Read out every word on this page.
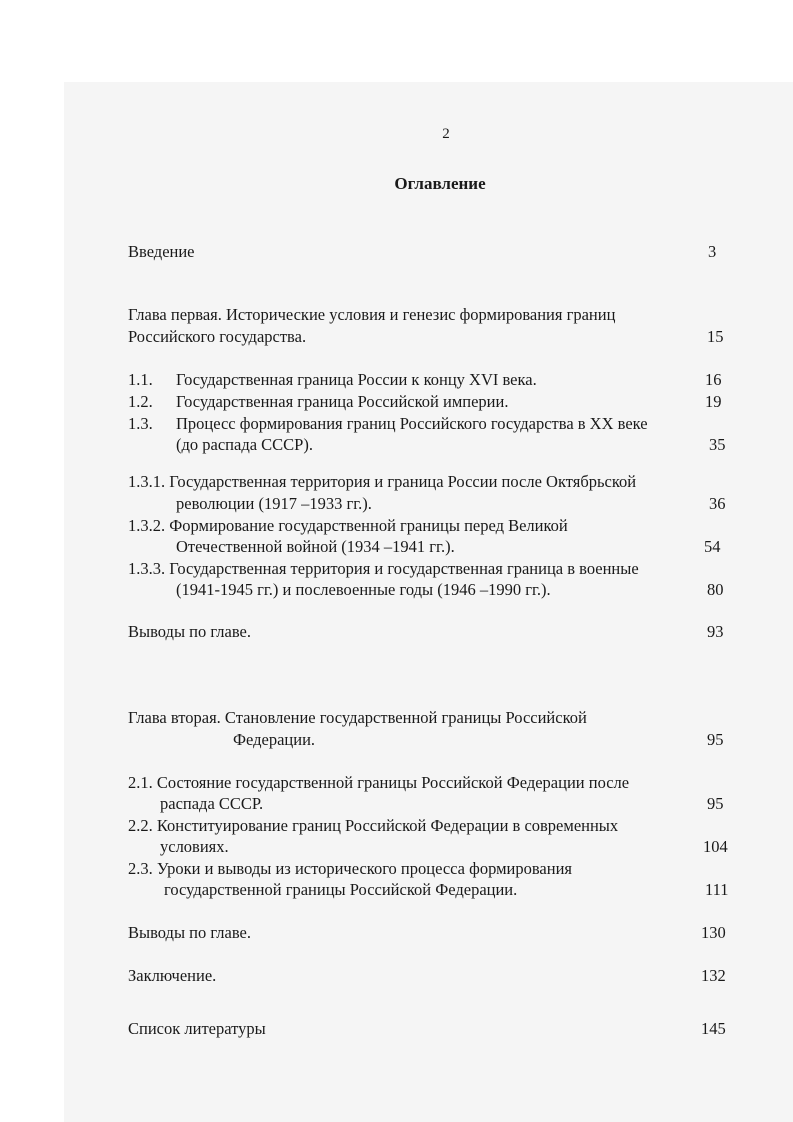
2
Оглавление
Введение	3
Глава первая. Исторические условия и генезис формирования границ
Российского государства.	15
1.1. Государственная граница России к концу XVI века.	16
1.2. Государственная граница Российской империи.	19
1.3. Процесс формирования границ Российского государства в XX веке
(до распада СССР).	35
1.3.1. Государственная территория и граница России после Октябрьской
революции (1917 –1933 гг.).	36
1.3.2. Формирование государственной границы перед Великой
Отечественной войной (1934 –1941 гг.).	54
1.3.3. Государственная территория и государственная граница в военные
(1941-1945 гг.) и послевоенные годы (1946 –1990 гг.).	80
Выводы по главе.	93
Глава вторая. Становление государственной границы Российской
Федерации.	95
2.1. Состояние государственной границы Российской Федерации после
распада СССР.	95
2.2. Конституирование границ Российской Федерации в современных
условиях.	104
2.3. Уроки и выводы из исторического процесса формирования
государственной границы Российской Федерации.	111
Выводы по главе.	130
Заключение.	132
Список литературы	145
